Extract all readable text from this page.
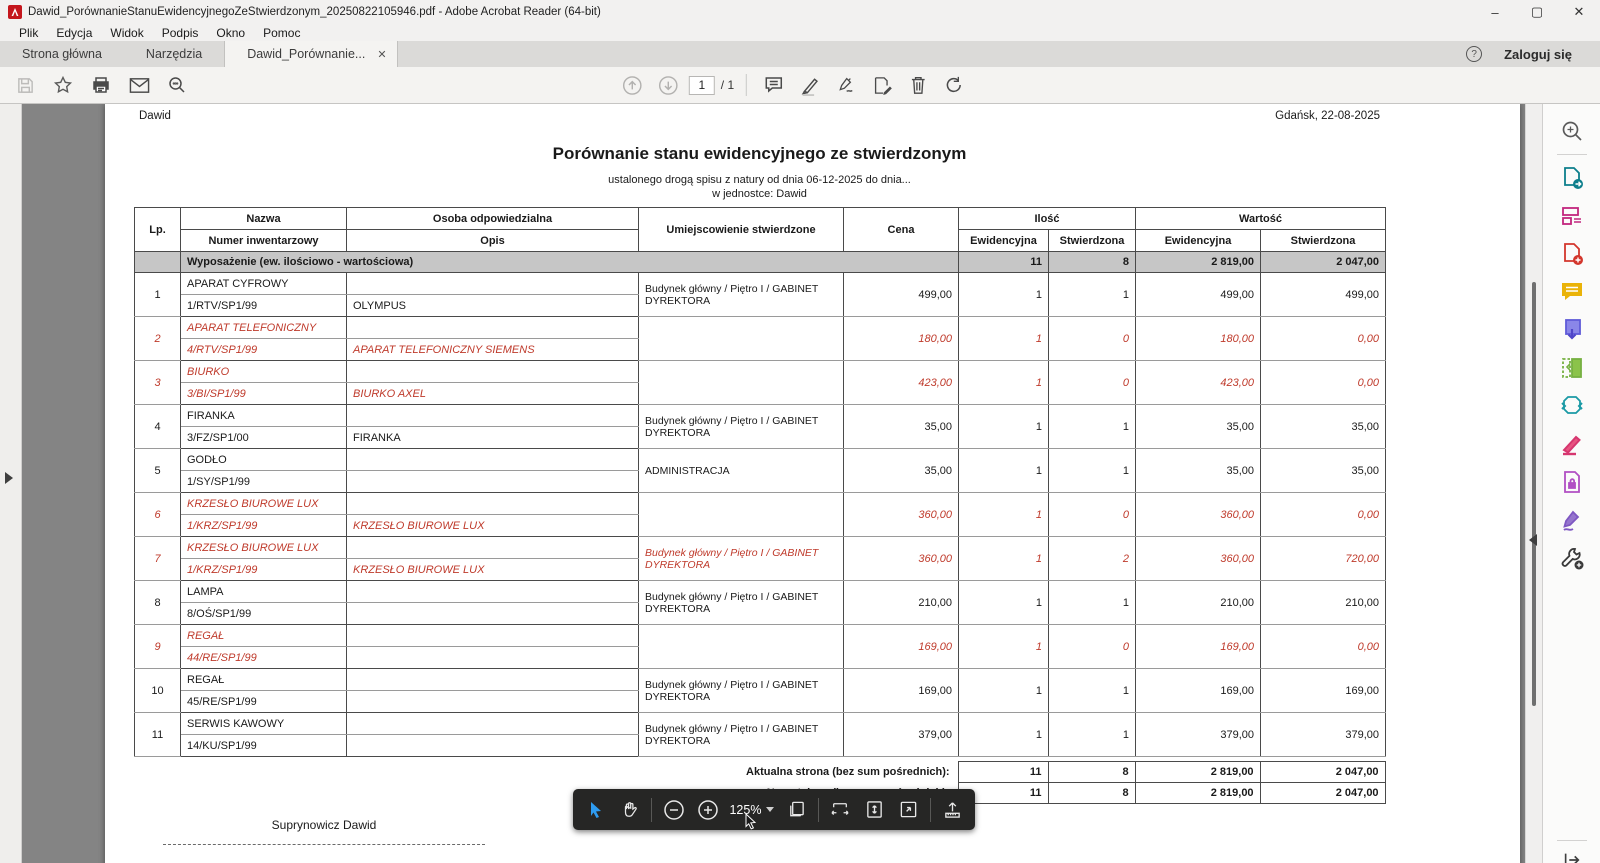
Dawid_PorównanieStanuEwidencyjnegoZeStwierdzonym_20250822105946.pdf - Adobe Acrobat Reader (64-bit)	–	▢	✕
Plik	Edycja	Widok	Podpis	Okno	Pomoc
Strona główna	Narzędzia	Dawid_Porównanie... ✕	?	Zaloguj się
1
/ 1
Dawid	Gdańsk, 22-08-2025
Porównanie stanu ewidencyjnego ze stwierdzonym
ustalonego drogą spisu z natury od dnia 06-12-2025 do dnia...
w jednostce: Dawid
Lp.	Nazwa	Osoba odpowiedzialna	Umiejscowienie stwierdzone	Cena	Ilość		Wartość	
	Numer inwentarzowy	Opis			Ewidencyjna	Stwierdzona	Ewidencyjna	Stwierdzona
	Wyposażenie (ew. ilościowo - wartościowa)				11	8	2 819,00	2 047,00
1	APARAT CYFROWY		Budynek główny / Piętro I / GABINET DYREKTORA	499,00	1	1	499,00	499,00
	1/RTV/SP1/99	OLYMPUS						
2	APARAT TELEFONICZNY			180,00	1	0	180,00	0,00
	4/RTV/SP1/99	APARAT TELEFONICZNY SIEMENS						
3	BIURKO			423,00	1	0	423,00	0,00
	3/BI/SP1/99	BIURKO AXEL						
4	FIRANKA		Budynek główny / Piętro I / GABINET DYREKTORA	35,00	1	1	35,00	35,00
	3/FZ/SP1/00	FIRANKA						
5	GODŁO		ADMINISTRACJA	35,00	1	1	35,00	35,00
	1/SY/SP1/99							
6	KRZESŁO BIUROWE LUX			360,00	1	0	360,00	0,00
	1/KRZ/SP1/99	KRZESŁO BIUROWE LUX						
7	KRZESŁO BIUROWE LUX		Budynek główny / Piętro I / GABINET DYREKTORA	360,00	1	2	360,00	720,00
	1/KRZ/SP1/99	KRZESŁO BIUROWE LUX						
8	LAMPA		Budynek główny / Piętro I / GABINET DYREKTORA	210,00	1	1	210,00	210,00
	8/OŚ/SP1/99							
9	REGAŁ			169,00	1	0	169,00	0,00
	44/RE/SP1/99							
10	REGAŁ		Budynek główny / Piętro I / GABINET DYREKTORA	169,00	1	1	169,00	169,00
	45/RE/SP1/99							
11	SERWIS KAWOWY		Budynek główny / Piętro I / GABINET DYREKTORA	379,00	1	1	379,00	379,00
	14/KU/SP1/99							
Aktualna strona (bez sum pośrednich):	11	8	2 819,00	2 047,00
	11	8	2 819,00	2 047,00
Suprynowicz Dawid
125%
